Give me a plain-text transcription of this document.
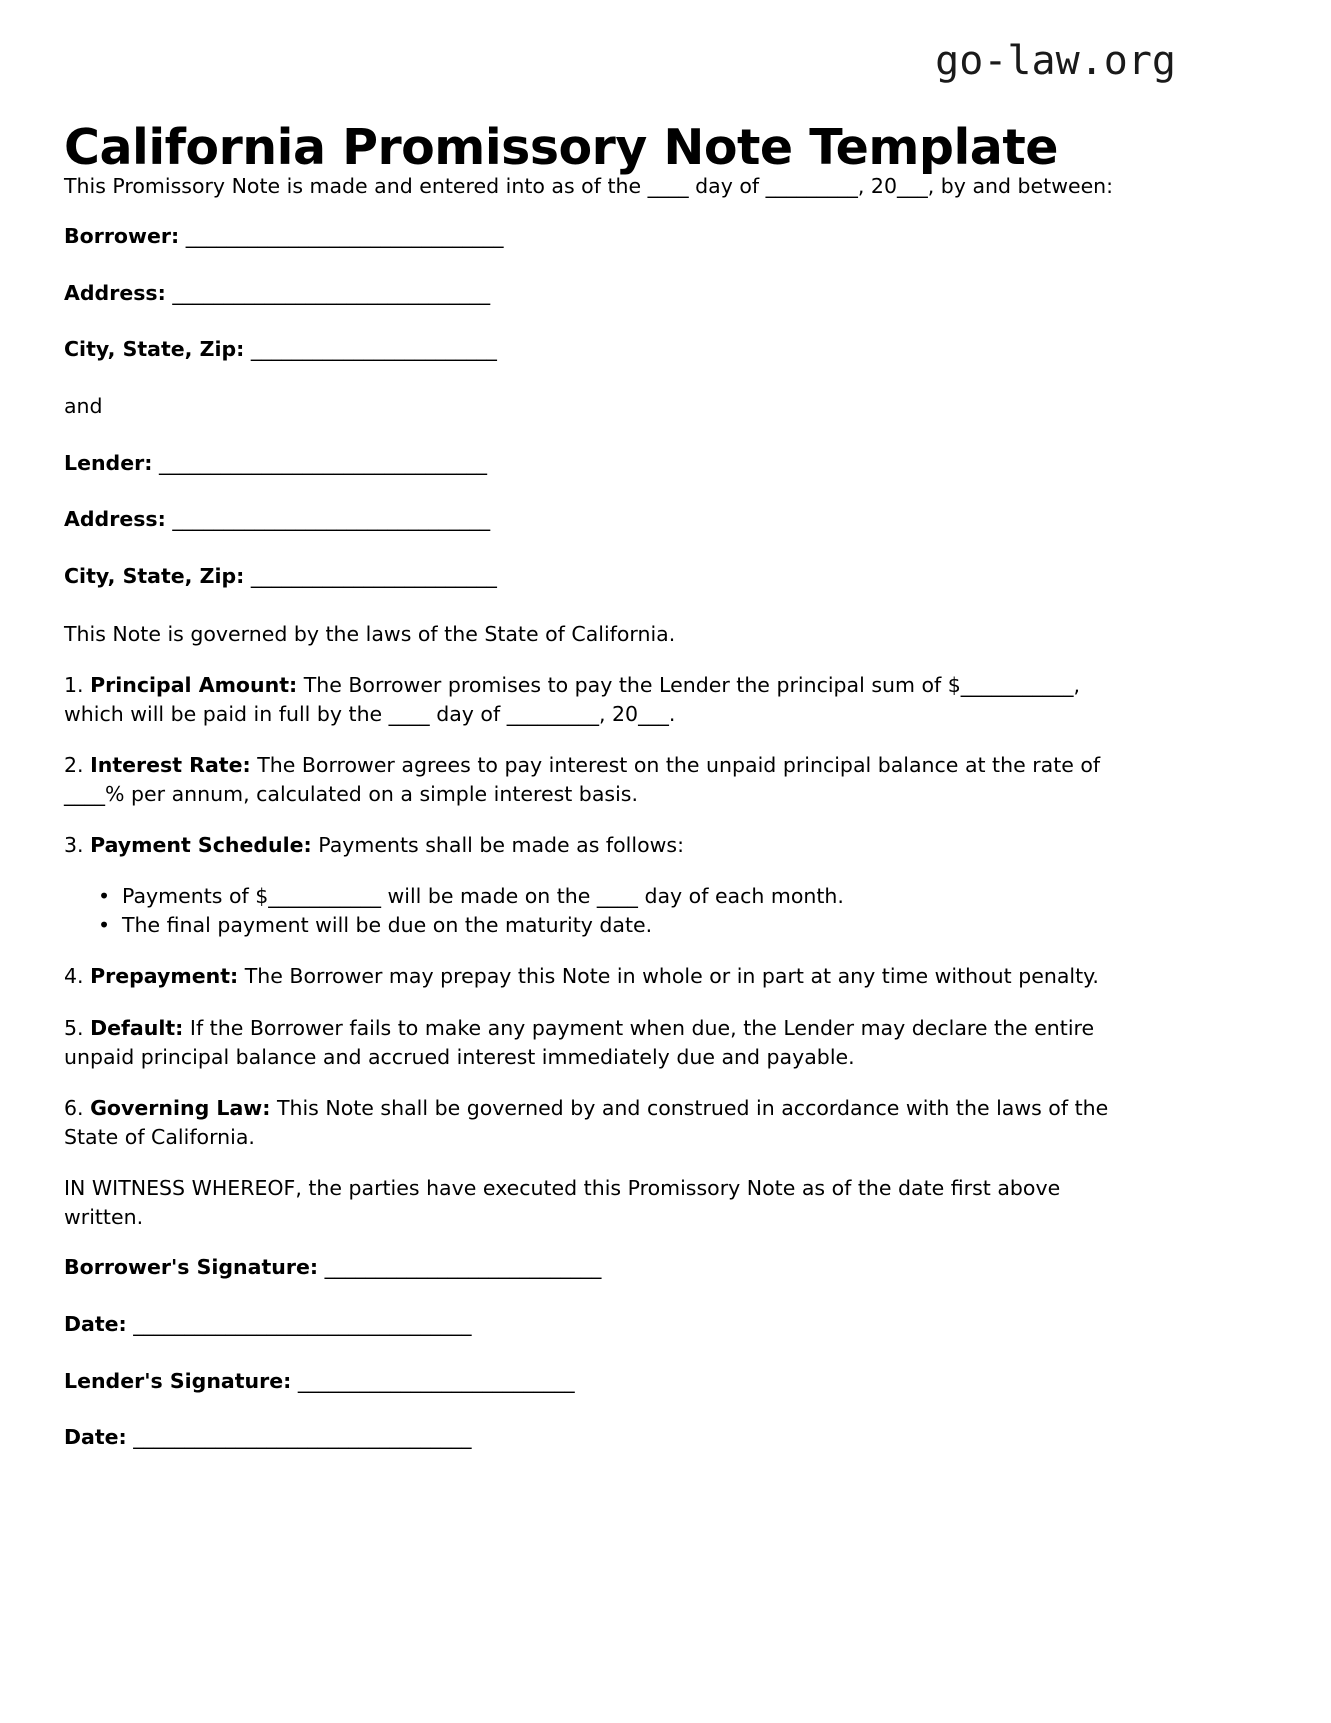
go-law.org
California Promissory Note Template

This Promissory Note is made and entered into as of the ____ day of _________, 20___, by and between:

Borrower: _______________________________

Address: _______________________________

City, State, Zip: ________________________

and

Lender: ________________________________

Address: _______________________________

City, State, Zip: ________________________

This Note is governed by the laws of the State of California.

1. Principal Amount: The Borrower promises to pay the Lender the principal sum of $___________, which will be paid in full by the ____ day of _________, 20___.

2. Interest Rate: The Borrower agrees to pay interest on the unpaid principal balance at the rate of ____% per annum, calculated on a simple interest basis.

3. Payment Schedule: Payments shall be made as follows:

• Payments of $___________ will be made on the ____ day of each month.
• The final payment will be due on the maturity date.

4. Prepayment: The Borrower may prepay this Note in whole or in part at any time without penalty.

5. Default: If the Borrower fails to make any payment when due, the Lender may declare the entire unpaid principal balance and accrued interest immediately due and payable.

6. Governing Law: This Note shall be governed by and construed in accordance with the laws of the State of California.

IN WITNESS WHEREOF, the parties have executed this Promissory Note as of the date first above written.

Borrower's Signature: ___________________________

Date: _________________________________

Lender's Signature: ___________________________

Date: _________________________________
